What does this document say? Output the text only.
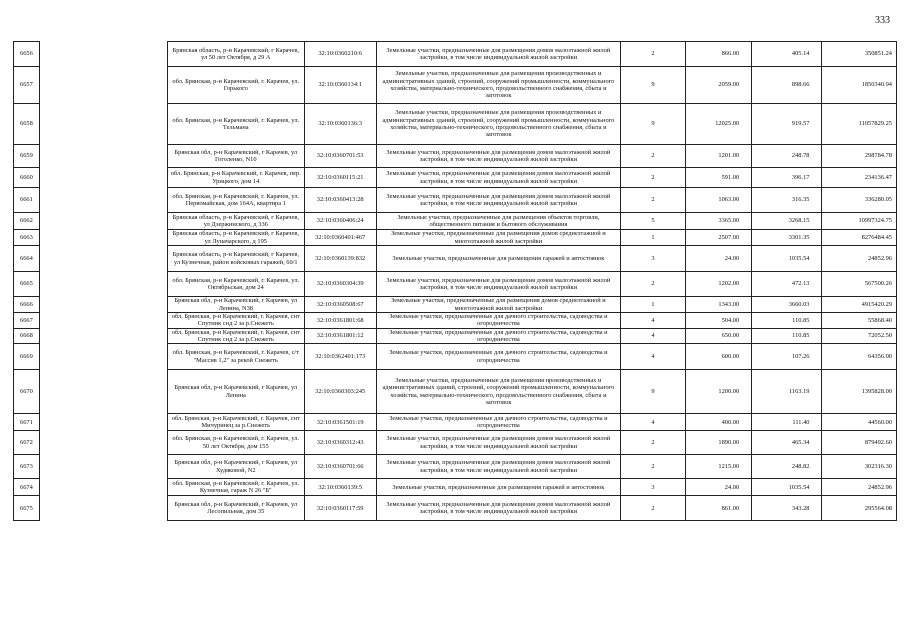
333
6656		Брянская область, р-н Карачевский, г Карачев, ул 50 лет Октября, д 29 А	32:10:0360210:6	Земельные участки, предназначенные для размещения домов малоэтажной жилой застройки, в том числе индивидуальной жилой застройки	2	866.00	405.14	350851.24
6657		обл. Брянская, р-н Карачевский, г. Карачев, ул. Горького	32:10:0360134:1	Земельные участки, предназначенные для размещения производственных и административных зданий, строений, сооружений промышленности, коммунального хозяйства, материально-технического, продовольственного снабжения, сбыта и заготовок	9	2059.00	898.66	1850340.94
6658		обл. Брянская, р-н Карачевский, г. Карачев, ул. Тельмана	32:10:0360136:3	Земельные участки, предназначенные для размещения производственных и административных зданий, строений, сооружений промышленности, коммунального хозяйства, материально-технического, продовольственного снабжения, сбыта и заготовок	9	12025.00	919.57	11057829.25
6659		Брянская обл, р-н Карачевский, г Карачев, ул Гоголенко, N10	32:10:0360701:53	Земельные участки, предназначенные для размещения домов малоэтажной жилой застройки, в том числе индивидуальной жилой застройки	2	1201.00	248.78	298784.78
6660		обл. Брянская, р-н Карачевский, г. Карачев, пер. Урицкого, дом 14	32:10:0360115:21	Земельные участки, предназначенные для размещения домов малоэтажной жилой застройки, в том числе индивидуальной жилой застройки	2	591.00	396.17	234136.47
6661		обл. Брянская, р-н Карачевский, г. Карачев, ул. Первомайская, дом 164А, квартира 1	32:10:0360413:28	Земельные участки, предназначенные для размещения домов малоэтажной жилой застройки, в том числе индивидуальной жилой застройки	2	1063.00	316.35	336280.05
6662		Брянская область, р-н Карачевский, г Карачев, ул Дзержинского, д 336	32:10:0360406:24	Земельные участки, предназначенные для размещения объектов торговли, общественного питания и бытового обслуживания	5	3365.00	3268.15	10997324.75
6663		Брянская область, р-н Карачевский, г Карачев, ул Луначарского, д 195	32:10:0360401:467	Земельные участки, предназначенные для размещения домов среднеэтажной и многоэтажной жилой застройки	1	2507.00	3301.35	8276484.45
6664		Брянская область, р-н Карачевский, г Карачев, ул Кузнечная, район войсковых гаражей, 60/1	32:10:0360139:832	Земельные участки, предназначенные для размещения гаражей и автостоянок	3	24.00	1035.54	24852.96
6665		обл. Брянская, р-н Карачевский, г. Карачев, ул. Октябрьская, дом 24	32:10:0360304:39	Земельные участки, предназначенные для размещения домов малоэтажной жилой застройки, в том числе индивидуальной жилой застройки	2	1202.00	472.13	567500.26
6666		Брянская обл, р-н Карачевский, г Карачев, ул Ленина, N38	32:10:0360508:67	Земельные участки, предназначенные для размещения домов среднеэтажной и многоэтажной жилой застройки	1	1343.00	3660.03	4915420.29
6667		обл. Брянская, р-н Карачевский, г. Карачев, снт Спутник снд 2 за р.Снежеть	32:10:0361801:68	Земельные участки, предназначенные для дачного строительства, садоводства и огородничества	4	504.00	110.85	55868.40
6668		обл. Брянская, р-н Карачевский, г. Карачев, снт Спутник снд 2 за р.Снежеть	32:10:0361801:12	Земельные участки, предназначенные для дачного строительства, садоводства и огородничества	4	650.00	110.85	72052.50
6669		обл. Брянская, р-н Карачевский, г. Карачев, с/т "Массив 1,2" за рекой Снежеть	32:10:0362401:173	Земельные участки, предназначенные для дачного строительства, садоводства и огородничества	4	600.00	107.26	64356.00
6670		Брянская обл, р-н Карачевский, г Карачев, ул Ленина	32:10:0360303:245	Земельные участки, предназначенные для размещения производственных и административных зданий, строений, сооружений промышленности, коммунального хозяйства, материально-технического, продовольственного снабжения, сбыта и заготовок	9	1200.00	1163.19	1395828.00
6671		обл. Брянская, р-н Карачевский, г. Карачев, снт Мичуринец за р.Снежеть	32:10:0361501:19	Земельные участки, предназначенные для дачного строительства, садоводства и огородничества	4	400.00	111.40	44560.00
6672		обл. Брянская, р-н Карачевский, г. Карачев, ул. 50 лет Октября, дом 155	32:10:0360312:43	Земельные участки, предназначенные для размещения домов малоэтажной жилой застройки, в том числе индивидуальной жилой застройки	2	1890.00	465.34	879492.60
6673		Брянская обл, р-н Карачевский, г Карачев, ул Худяковой, N2	32:10:0360701:66	Земельные участки, предназначенные для размещения домов малоэтажной жилой застройки, в том числе индивидуальной жилой застройки	2	1215.00	248.82	302316.30
6674		обл. Брянская, р-н Карачевский, г. Карачев, ул. Кузнечная, гараж N 26 "Б"	32:10:0360139:5	Земельные участки, предназначенные для размещения гаражей и автостоянок	3	24.00	1035.54	24852.96
6675		Брянская обл, р-н Карачевский, г Карачев, ул Лесопильная, дом 35	32:10:0360117:59	Земельные участки, предназначенные для размещения домов малоэтажной жилой застройки, в том числе индивидуальной жилой застройки	2	861.00	343.28	295564.08
